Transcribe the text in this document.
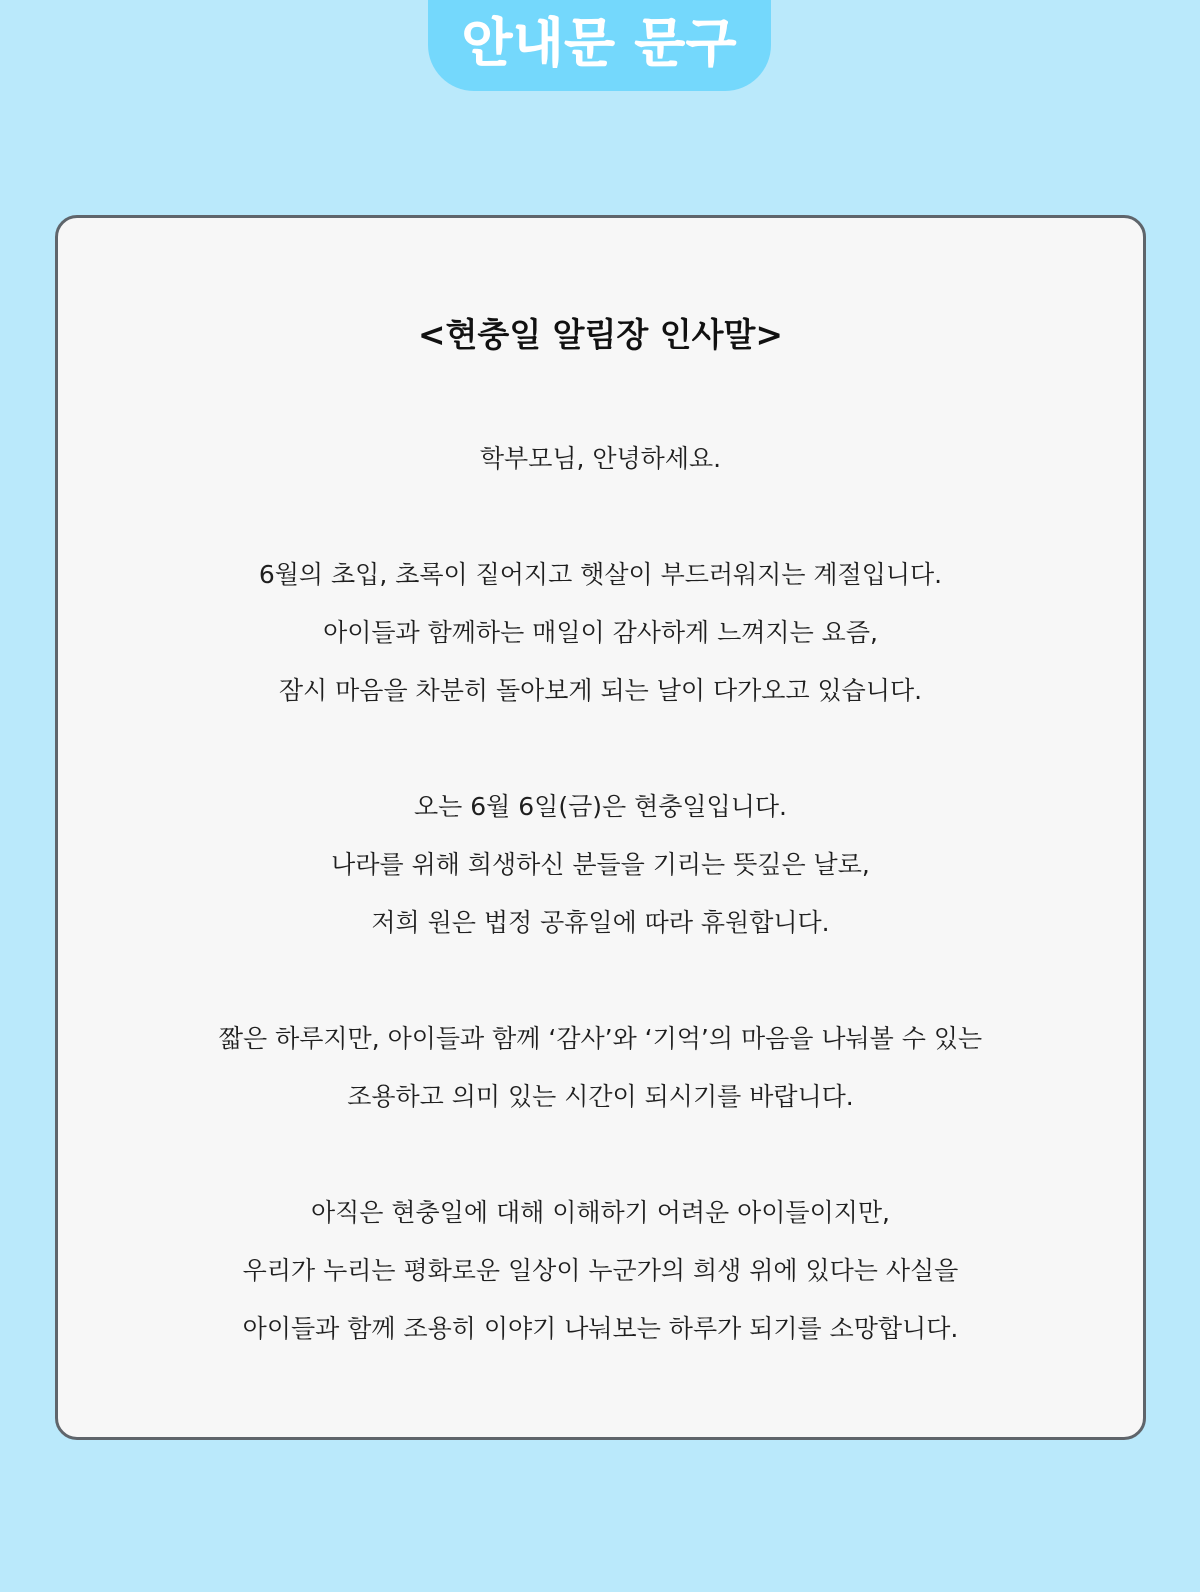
안내문 문구
<현충일 알림장 인사말>
학부모님, 안녕하세요.
6월의 초입, 초록이 짙어지고 햇살이 부드러워지는 계절입니다.
아이들과 함께하는 매일이 감사하게 느껴지는 요즘,
잠시 마음을 차분히 돌아보게 되는 날이 다가오고 있습니다.
오는 6월 6일(금)은 현충일입니다.
나라를 위해 희생하신 분들을 기리는 뜻깊은 날로,
저희 원은 법정 공휴일에 따라 휴원합니다.
짧은 하루지만, 아이들과 함께 ‘감사’와 ‘기억’의 마음을 나눠볼 수 있는
조용하고 의미 있는 시간이 되시기를 바랍니다.
아직은 현충일에 대해 이해하기 어려운 아이들이지만,
우리가 누리는 평화로운 일상이 누군가의 희생 위에 있다는 사실을
아이들과 함께 조용히 이야기 나눠보는 하루가 되기를 소망합니다.
